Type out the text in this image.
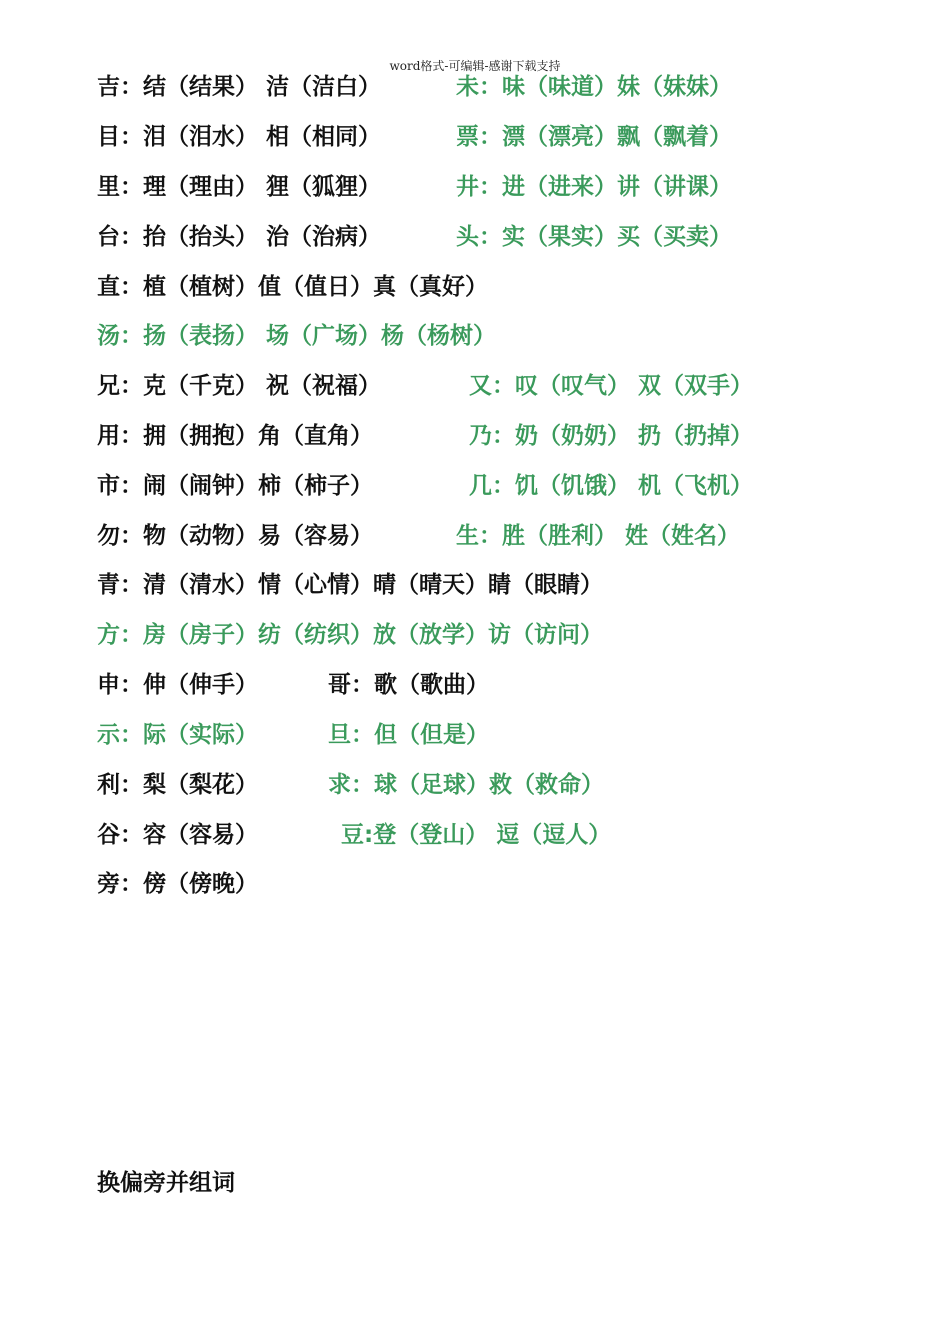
word格式-可编辑-感谢下载支持
吉：结（结果） 洁（洁白）	未：味（味道）妹（妹妹）
目：泪（泪水） 相（相同）	票：漂（漂亮）飘（飘着）
里：理（理由） 狸（狐狸）	井：进（进来）讲（讲课）
台：抬（抬头） 治（治病）	头：实（果实）买（买卖）
直：植（植树）值（值日）真（真好）
汤：扬（表扬） 场（广场）杨（杨树）
兄：克（千克） 祝（祝福）	又：叹（叹气） 双（双手）
用：拥（拥抱）角（直角）	乃：奶（奶奶） 扔（扔掉）
市：闹（闹钟）柿（柿子）	几：饥（饥饿） 机（飞机）
勿：物（动物）易（容易）	生：胜（胜利） 姓（姓名）
青：清（清水）情（心情）晴（晴天）睛（眼睛）
方：房（房子）纺（纺织）放（放学）访（访问）
申：伸（伸手）	哥：歌（歌曲）
示：际（实际）	旦：但（但是）
利：梨（梨花）	求：球（足球）救（救命）
谷：容（容易）	豆:登（登山） 逗（逗人）
旁：傍（傍晚）
换偏旁并组词
